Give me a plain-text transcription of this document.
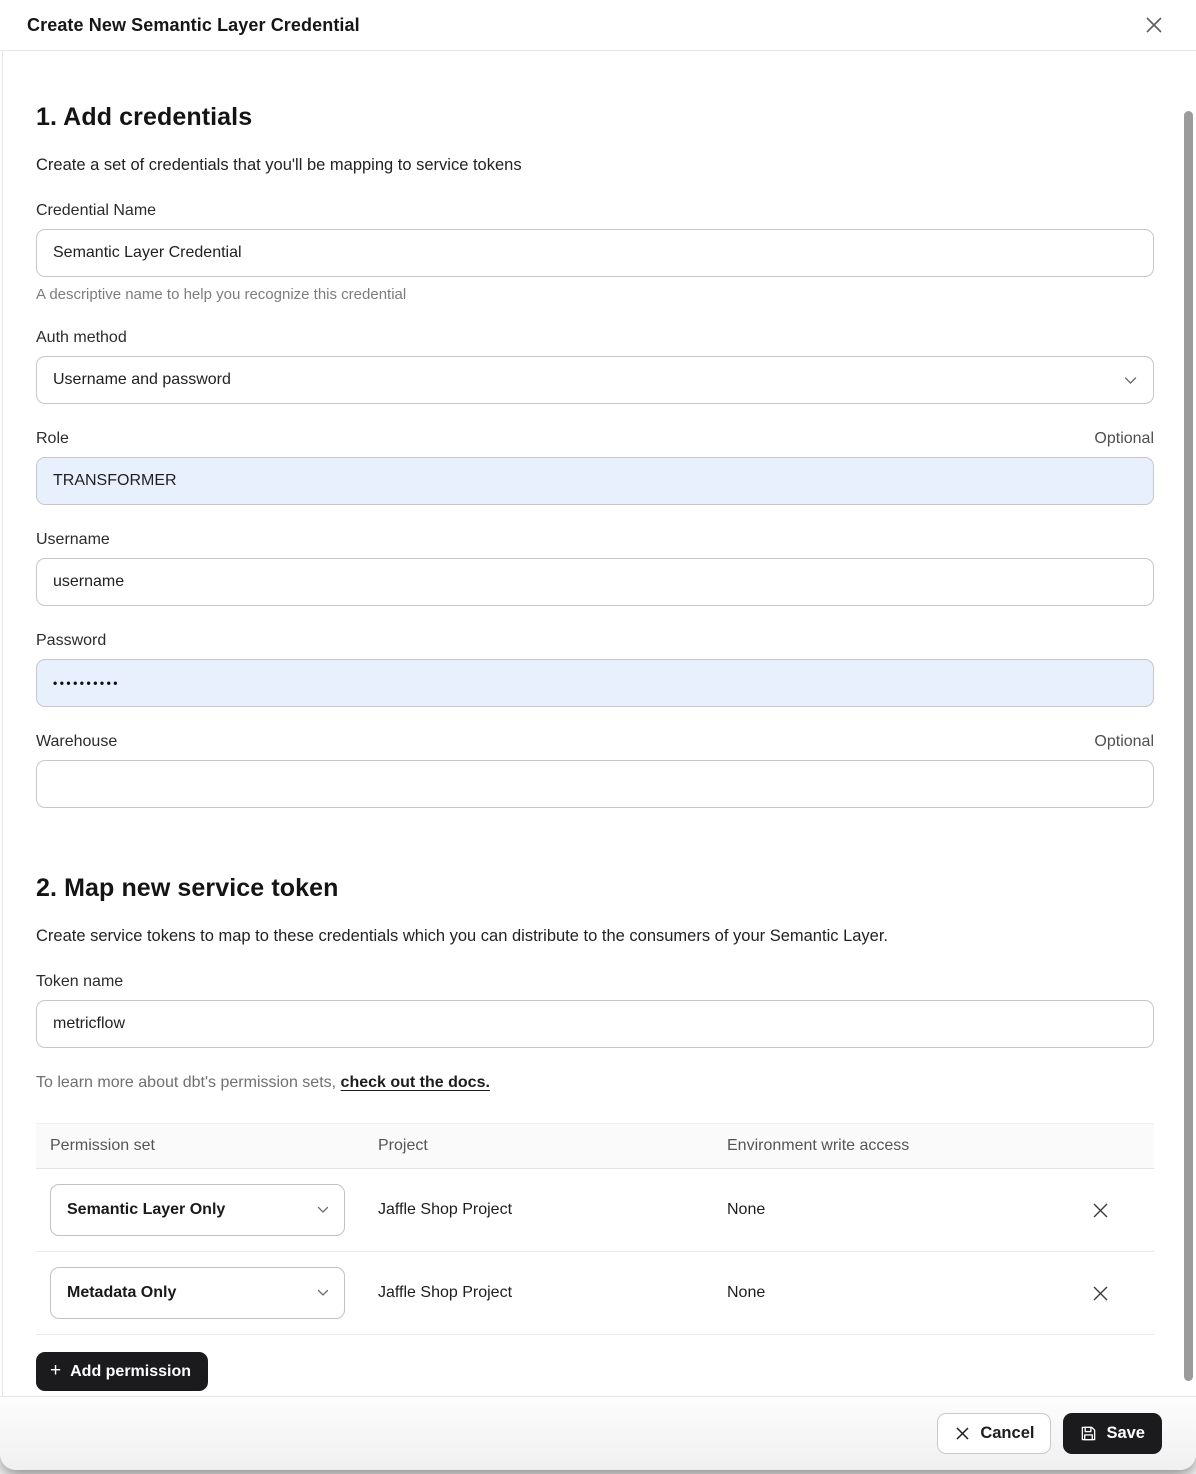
Create New Semantic Layer Credential
1. Add credentials
Create a set of credentials that you'll be mapping to service tokens
Credential Name
Semantic Layer Credential
A descriptive name to help you recognize this credential
Auth method
Username and password
Role	Optional
TRANSFORMER
Username
username
Password
••••••••••
Warehouse	Optional
2. Map new service token
Create service tokens to map to these credentials which you can distribute to the consumers of your Semantic Layer.
Token name
metricflow
To learn more about dbt's permission sets, check out the docs.
Permission set	Project	Environment write access
Semantic Layer Only	Jaffle Shop Project	None
Metadata Only	Jaffle Shop Project	None
+ Add permission
Cancel	Save
